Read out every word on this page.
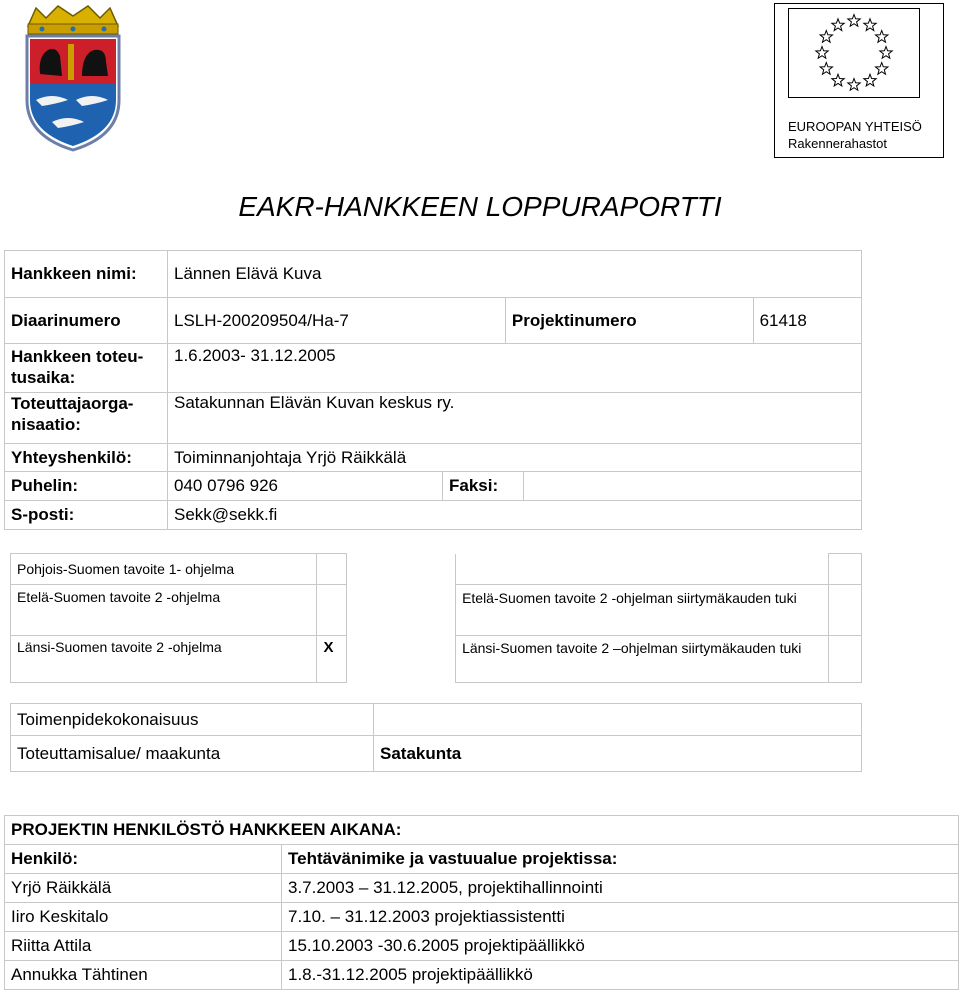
EUROOPAN YHTEISÖ
Rakennerahastot
EAKR-HANKKEEN LOPPURAPORTTI
Hankkeen nimi:	Lännen Elävä Kuva		
Diaarinumero	LSLH-200209504/Ha-7	Projektinumero	61418
Hankkeen toteu-
tusaika:	1.6.2003- 31.12.2005		

Toteuttajaorga-
nisaatio:	Satakunnan Elävän Kuvan keskus ry.		
Yhteyshenkilö:	Toiminnanjohtaja Yrjö Räikkälä		
Puhelin:	040 0796 926	Faksi:	
S-posti:	Sekk@sekk.fi		
Pohjois-Suomen tavoite 1- ohjelma				
Etelä-Suomen tavoite 2 -ohjelma			Etelä-Suomen tavoite 2 -ohjelman siirtymäkauden tuki	
Länsi-Suomen tavoite 2 -ohjelma	X		Länsi-Suomen tavoite 2 –ohjelman siirtymäkauden tuki	
Toimenpidekokonaisuus	
Toteuttamisalue/ maakunta	Satakunta
PROJEKTIN HENKILÖSTÖ HANKKEEN AIKANA:	
Henkilö:	Tehtävänimike ja vastuualue projektissa:
Yrjö Räikkälä	3.7.2003 – 31.12.2005, projektihallinnointi
Iiro Keskitalo	7.10. – 31.12.2003 projektiassistentti
Riitta Attila	15.10.2003 -30.6.2005 projektipäällikkö
Annukka Tähtinen	1.8.-31.12.2005 projektipäällikkö
